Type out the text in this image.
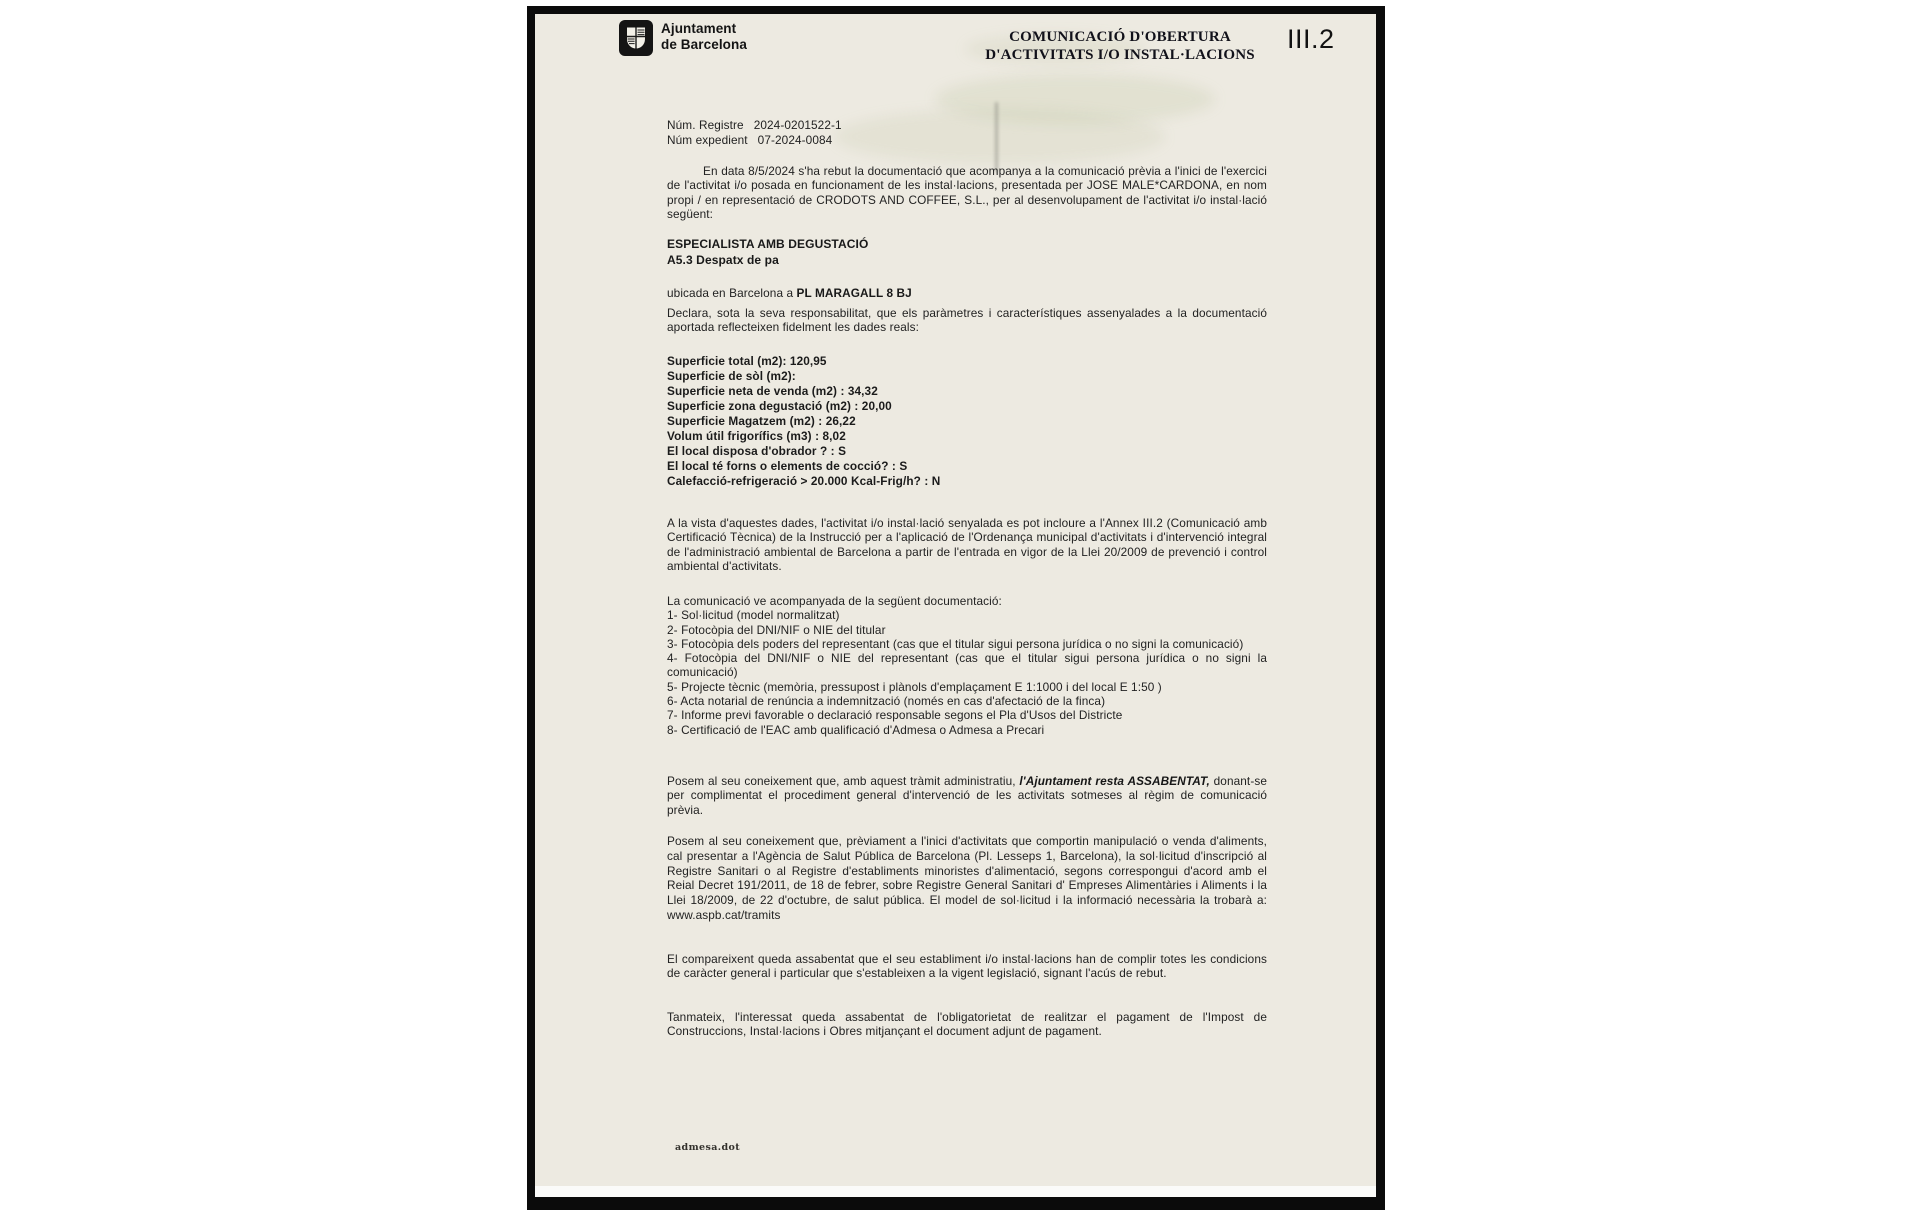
Ajuntament
de Barcelona	COMUNICACIÓ D'OBERTURA
D'ACTIVITATS I/O INSTAL·LACIONS
III.2
Núm. Registre 2024-0201522-1
Núm expedient 07-2024-0084

En data 8/5/2024 s'ha rebut la documentació que acompanya a la comunicació prèvia a l'inici de l'exercici de l'activitat i/o posada en funcionament de les instal·lacions, presentada per JOSE MALE*CARDONA, en nom propi / en representació de CRODOTS AND COFFEE, S.L., per al desenvolupament de l'activitat i/o instal·lació següent:

ESPECIALISTA AMB DEGUSTACIÓ
A5.3 Despatx de pa
ubicada en Barcelona a PL MARAGALL 8 BJ
Declara, sota la seva responsabilitat, que els paràmetres i característiques assenyalades a la documentació aportada reflecteixen fidelment les dades reals:
Superficie total (m2): 120,95
Superficie de sòl (m2):
Superficie neta de venda (m2) : 34,32
Superficie zona degustació (m2) : 20,00
Superficie Magatzem (m2) : 26,22
Volum útil frigorífics (m3) : 8,02
El local disposa d'obrador ? : S
El local té forns o elements de cocció? : S
Calefacció-refrigeració > 20.000 Kcal-Frig/h? : N
A la vista d'aquestes dades, l'activitat i/o instal·lació senyalada es pot incloure a l'Annex III.2 (Comunicació amb Certificació Tècnica) de la Instrucció per a l'aplicació de l'Ordenança municipal d'activitats i d'intervenció integral de l'administració ambiental de Barcelona a partir de l'entrada en vigor de la Llei 20/2009 de prevenció i control ambiental d'activitats.
La comunicació ve acompanyada de la següent documentació:
1- Sol·licitud (model normalitzat)
2- Fotocòpia del DNI/NIF o NIE del titular
3- Fotocòpia dels poders del representant (cas que el titular sigui persona jurídica o no signi la comunicació)
4- Fotocòpia del DNI/NIF o NIE del representant (cas que el titular sigui persona jurídica o no signi la comunicació)
5- Projecte tècnic (memòria, pressupost i plànols d'emplaçament E 1:1000 i del local E 1:50 )
6- Acta notarial de renúncia a indemnització (només en cas d'afectació de la finca)
7- Informe previ favorable o declaració responsable segons el Pla d'Usos del Districte
8- Certificació de l'EAC amb qualificació d'Admesa o Admesa a Precari
Posem al seu coneixement que, amb aquest tràmit administratiu, l'Ajuntament resta ASSABENTAT, donant-se per complimentat el procediment general d'intervenció de les activitats sotmeses al règim de comunicació prèvia.
Posem al seu coneixement que, prèviament a l'inici d'activitats que comportin manipulació o venda d'aliments, cal presentar a l'Agència de Salut Pública de Barcelona (Pl. Lesseps 1, Barcelona), la sol·licitud d'inscripció al Registre Sanitari o al Registre d'establiments minoristes d'alimentació, segons correspongui d'acord amb el Reial Decret 191/2011, de 18 de febrer, sobre Registre General Sanitari d' Empreses Alimentàries i Aliments i la Llei 18/2009, de 22 d'octubre, de salut pública. El model de sol·licitud i la informació necessària la trobarà a: www.aspb.cat/tramits
El compareixent queda assabentat que el seu establiment i/o instal·lacions han de complir totes les condicions de caràcter general i particular que s'estableixen a la vigent legislació, signant l'acús de rebut.
Tanmateix, l'interessat queda assabentat de l'obligatorietat de realitzar el pagament de l'Impost de Construccions, Instal·lacions i Obres mitjançant el document adjunt de pagament.
admesa.dot
